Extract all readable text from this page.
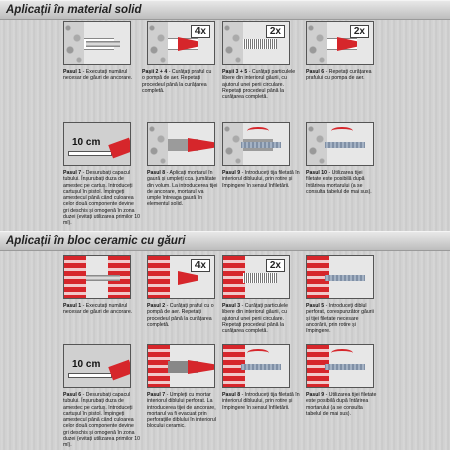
Aplicații în material solid
4x	2x	2x
Pasul 1 - Executați numărul necesar de găuri de ancorare.
Pașii 2 + 4 - Curățați praful cu o pompă de aer. Repetați procedeul până la curățarea completă.
Pașii 3 + 5 - Curățați particulele libere din interiorul găurii, cu ajutorul unei perii circulare. Repetați procedeul până la curățarea completă.
Pasul 6 - Repetați curățarea prafului cu pompa de aer.
10 cm
Pasul 7 - Desurubați capacul tubului. Înșurubați duza de amestec pe cartuș. Introduceți cartușul în pistol. Împingeți amestecul până când culoarea celor două componente devine gri deschis și omogenă în zona duzei (evitați utilizarea primilor 10 ml).
Pasul 8 - Aplicați mortarul în gaură și umpleți cca. jumătate din volum. La introducerea tijei de ancorare, mortarul va umple întreaga gaură în elementul solid.
Pasul 9 - Introduceți tija filetată în interiorul dibluului, prin rotire și împingere în sensul înfiletării.
Pasul 10 - Utilizarea tijei filetate este posibilă după întărirea mortarului (a se consulta tabelul de mai sus).
Aplicații în bloc ceramic cu găuri
4x	2x
Pasul 1 - Executați numărul necesar de găuri de ancorare.
Pasul 2 - Curățați praful cu o pompă de aer. Repetați procedeul până la curățarea completă.
Pasul 3 - Curățați particulele libere din interiorul găurii, cu ajutorul unei perii circulare. Repetați procedeul până la curățarea completă.
Pasul 5 - Introduceți diblul perforat, corespunzător găurii și tijei filetate necesare ancorării, prin rotire și împingere.
10 cm
Pasul 6 - Desurubați capacul tubului. Înșurubați duza de amestec pe cartuș. Introduceți cartușul în pistol. Împingeți amestecul până când culoarea celor două componente devine gri deschis și omogenă în zona duzei (evitați utilizarea primilor 10 ml).
Pasul 7 - Umpleți cu mortar interiorul diblului perforat. La introducerea tijei de ancorare, mortarul va fi evacuat prin perforațiile diblului în interiorul blocului ceramic.
Pasul 8 - Introduceți tija filetată în interiorul dibluului, prin rotire și împingere în sensul înfiletării.
Pasul 9 - Utilizarea tijei filetate este posibilă după întărirea mortarului (a se consulta tabelul de mai sus).
